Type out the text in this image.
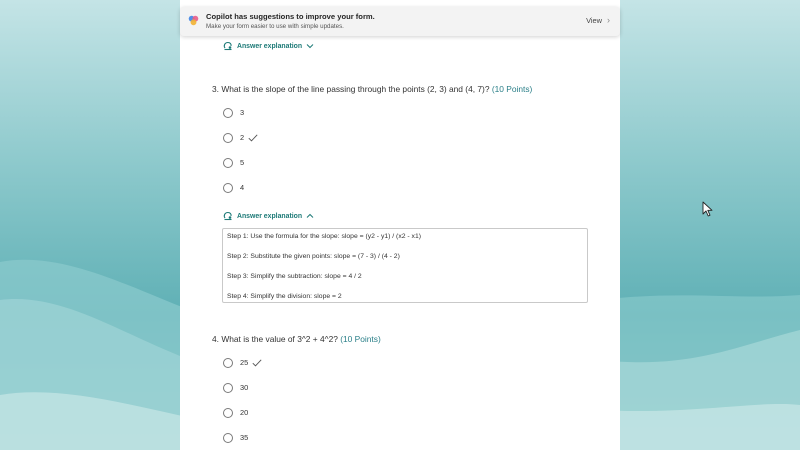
Copilot has suggestions to improve your form.
Make your form easier to use with simple updates.
View ›
Answer explanation
3. What is the slope of the line passing through the points (2, 3) and (4, 7)? (10 Points)
3
2
5
4
Answer explanation
Step 1: Use the formula for the slope: slope = (y2 - y1) / (x2 - x1)
Step 2: Substitute the given points: slope = (7 - 3) / (4 - 2)
Step 3: Simplify the subtraction: slope = 4 / 2
Step 4: Simplify the division: slope = 2
4. What is the value of 3^2 + 4^2? (10 Points)
25
30
20
35
